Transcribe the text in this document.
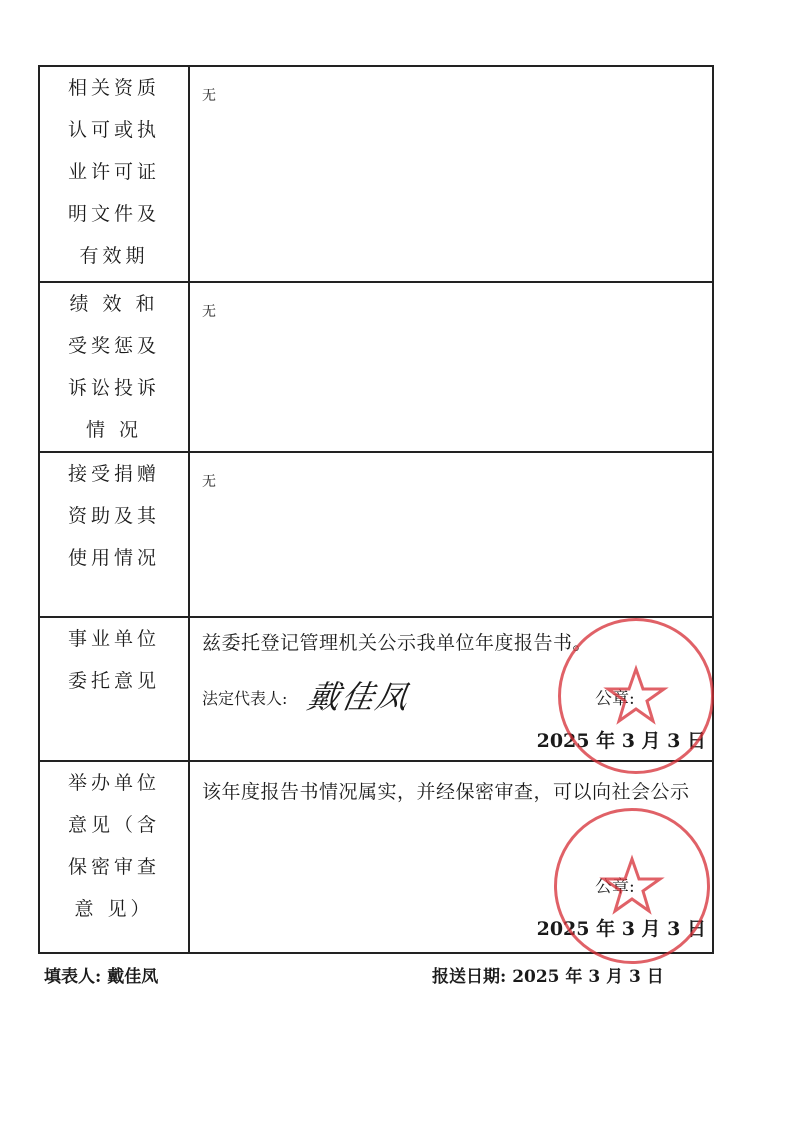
相关资质
认可或执
业许可证
明文件及
有效期	无

绩 效 和
受奖惩及
诉讼投诉
情 况	无

接受捐赠
资助及其
使用情况	无

事业单位
委托意见	兹委托登记管理机关公示我单位年度报告书。
法定代表人: 戴佳凤 公章:
2025 年 3 月 3 日

举办单位
意见（含
保密审查
意 见）	该年度报告书情况属实，并经保密审查，可以向社会公示
公章:
2025 年 3 月 3 日
填表人: 戴佳凤	报送日期: 2025 年 3 月 3 日
